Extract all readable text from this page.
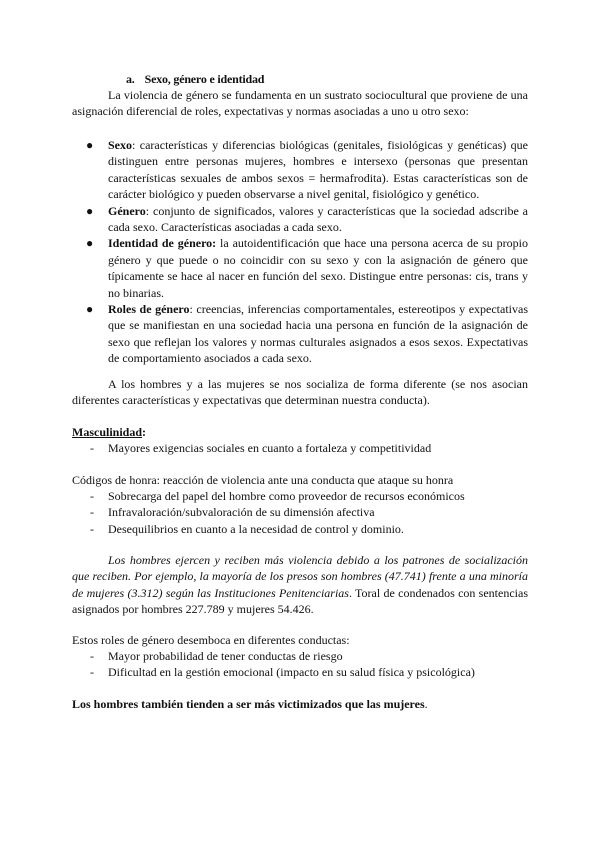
a. Sexo, género e identidad

La violencia de género se fundamenta en un sustrato sociocultural que proviene de una asignación diferencial de roles, expectativas y normas asociadas a uno u otro sexo:

● Sexo: características y diferencias biológicas (genitales, fisiológicas y genéticas) que distinguen entre personas mujeres, hombres e intersexo (personas que presentan características sexuales de ambos sexos = hermafrodita). Estas características son de carácter biológico y pueden observarse a nivel genital, fisiológico y genético.
● Género: conjunto de significados, valores y características que la sociedad adscribe a cada sexo. Características asociadas a cada sexo.
● Identidad de género: la autoidentificación que hace una persona acerca de su propio género y que puede o no coincidir con su sexo y con la asignación de género que típicamente se hace al nacer en función del sexo. Distingue entre personas: cis, trans y no binarias.
● Roles de género: creencias, inferencias comportamentales, estereotipos y expectativas que se manifiestan en una sociedad hacia una persona en función de la asignación de sexo que reflejan los valores y normas culturales asignados a esos sexos. Expectativas de comportamiento asociados a cada sexo.

A los hombres y a las mujeres se nos socializa de forma diferente (se nos asocian diferentes características y expectativas que determinan nuestra conducta).

Masculinidad:
- Mayores exigencias sociales en cuanto a fortaleza y competitividad
Códigos de honra: reacción de violencia ante una conducta que ataque su honra
- Sobrecarga del papel del hombre como proveedor de recursos económicos
- Infravaloración/subvaloración de su dimensión afectiva
- Desequilibrios en cuanto a la necesidad de control y dominio.

Los hombres ejercen y reciben más violencia debido a los patrones de socialización que reciben. Por ejemplo, la mayoría de los presos son hombres (47.741) frente a una minoría de mujeres (3.312) según las Instituciones Penitenciarias. Toral de condenados con sentencias asignados por hombres 227.789 y mujeres 54.426.

Estos roles de género desemboca en diferentes conductas:
- Mayor probabilidad de tener conductas de riesgo
- Dificultad en la gestión emocional (impacto en su salud física y psicológica)
Los hombres también tienden a ser más victimizados que las mujeres.
